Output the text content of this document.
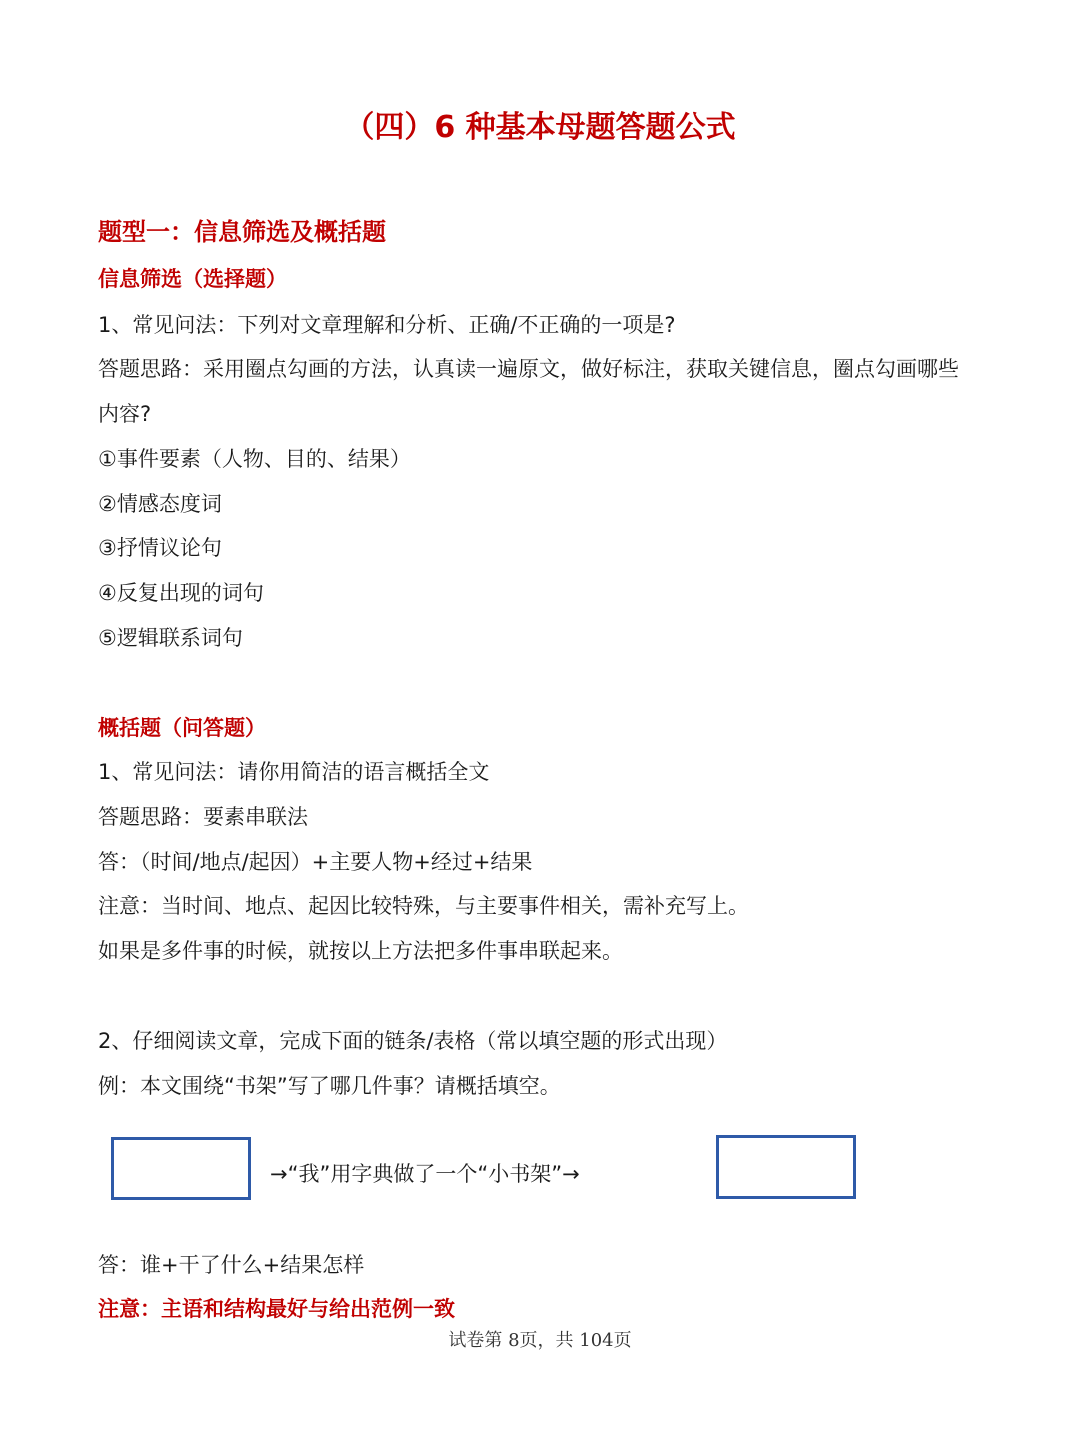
（四）6 种基本母题答题公式
题型一：信息筛选及概括题
信息筛选（选择题）
1、常见问法：下列对文章理解和分析、正确/不正确的一项是?
答题思路：采用圈点勾画的方法，认真读一遍原文，做好标注，获取关键信息，圈点勾画哪些
内容?
①事件要素（人物、目的、结果）
②情感态度词
③抒情议论句
④反复出现的词句
⑤逻辑联系词句
概括题（问答题）
1、常见问法：请你用简洁的语言概括全文
答题思路：要素串联法
答：（时间/地点/起因）+主要人物+经过+结果
注意：当时间、地点、起因比较特殊，与主要事件相关，需补充写上。
如果是多件事的时候，就按以上方法把多件事串联起来。
2、仔细阅读文章，完成下面的链条/表格（常以填空题的形式出现）
例：本文围绕“书架”写了哪几件事？请概括填空。
→“我”用字典做了一个“小书架”→
答：谁+干了什么+结果怎样
注意：主语和结构最好与给出范例一致
试卷第 8页，共 104页
